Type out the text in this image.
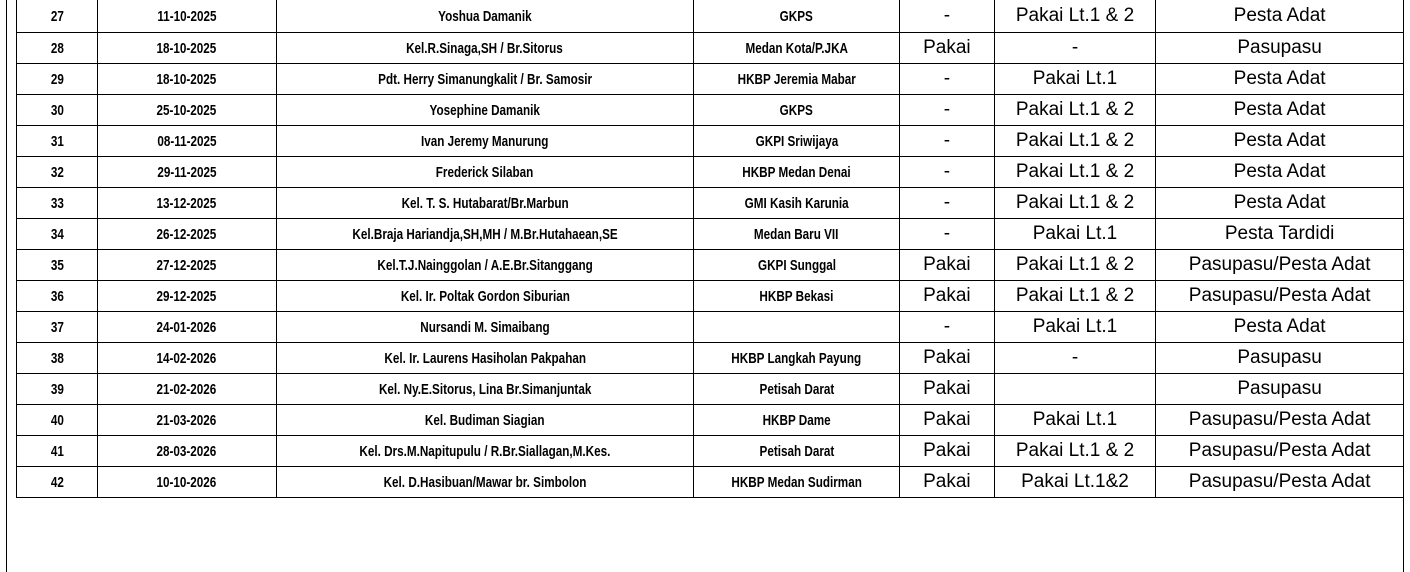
27	11-10-2025	Yoshua Damanik	GKPS	-	Pakai Lt.1 & 2	Pesta Adat
28	18-10-2025	Kel.R.Sinaga,SH / Br.Sitorus	Medan Kota/P.JKA	Pakai	-	Pasupasu
29	18-10-2025	Pdt. Herry Simanungkalit / Br. Samosir	HKBP Jeremia Mabar	-	Pakai Lt.1	Pesta Adat
30	25-10-2025	Yosephine Damanik	GKPS	-	Pakai Lt.1 & 2	Pesta Adat
31	08-11-2025	Ivan Jeremy Manurung	GKPI Sriwijaya	-	Pakai Lt.1 & 2	Pesta Adat
32	29-11-2025	Frederick Silaban	HKBP Medan Denai	-	Pakai Lt.1 & 2	Pesta Adat
33	13-12-2025	Kel. T. S. Hutabarat/Br.Marbun	GMI Kasih Karunia	-	Pakai Lt.1 & 2	Pesta Adat
34	26-12-2025	Kel.Braja Hariandja,SH,MH / M.Br.Hutahaean,SE	Medan Baru VII	-	Pakai Lt.1	Pesta Tardidi
35	27-12-2025	Kel.T.J.Nainggolan / A.E.Br.Sitanggang	GKPI Sunggal	Pakai	Pakai Lt.1 & 2	Pasupasu/Pesta Adat
36	29-12-2025	Kel. Ir. Poltak Gordon Siburian	HKBP Bekasi	Pakai	Pakai Lt.1 & 2	Pasupasu/Pesta Adat
37	24-01-2026	Nursandi M. Simaibang		-	Pakai Lt.1	Pesta Adat
38	14-02-2026	Kel. Ir. Laurens Hasiholan Pakpahan	HKBP Langkah Payung	Pakai	-	Pasupasu
39	21-02-2026	Kel. Ny.E.Sitorus, Lina Br.Simanjuntak	Petisah Darat	Pakai		Pasupasu
40	21-03-2026	Kel. Budiman Siagian	HKBP Dame	Pakai	Pakai Lt.1	Pasupasu/Pesta Adat
41	28-03-2026	Kel. Drs.M.Napitupulu / R.Br.Siallagan,M.Kes.	Petisah Darat	Pakai	Pakai Lt.1 & 2	Pasupasu/Pesta Adat
42	10-10-2026	Kel. D.Hasibuan/Mawar br. Simbolon	HKBP Medan Sudirman	Pakai	Pakai Lt.1&2	Pasupasu/Pesta Adat
